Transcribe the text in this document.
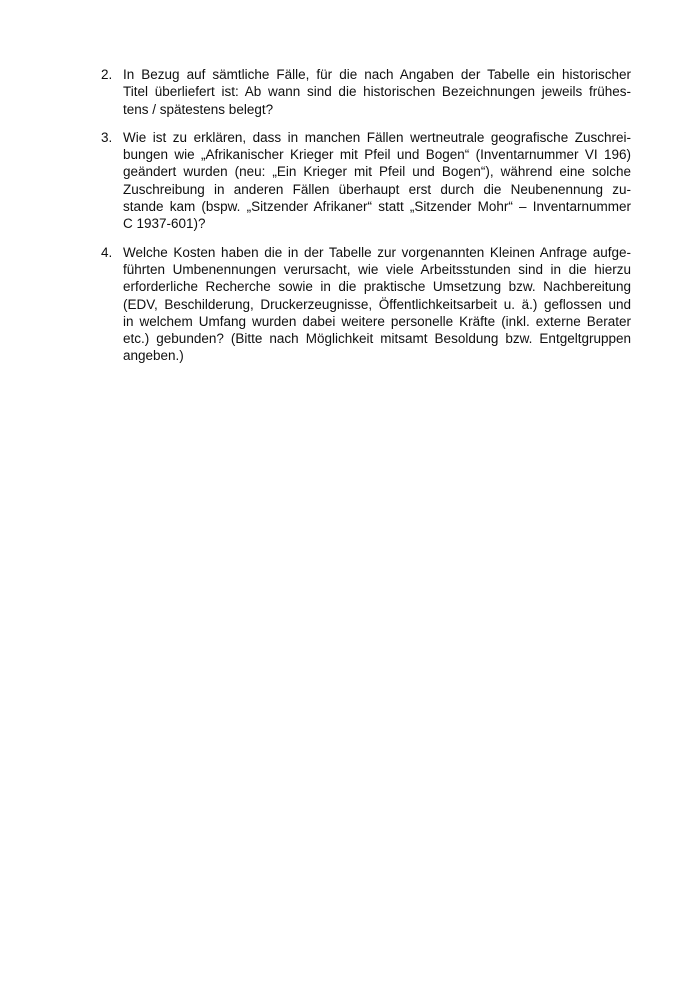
2. In Bezug auf sämtliche Fälle, für die nach Angaben der Tabelle ein historischer
Titel überliefert ist: Ab wann sind die historischen Bezeichnungen jeweils frühes-
tens / spätestens belegt?
3. Wie ist zu erklären, dass in manchen Fällen wertneutrale geografische Zuschrei-
bungen wie „Afrikanischer Krieger mit Pfeil und Bogen“ (Inventarnummer VI 196)
geändert wurden (neu: „Ein Krieger mit Pfeil und Bogen“), während eine solche
Zuschreibung in anderen Fällen überhaupt erst durch die Neubenennung zu-
stande kam (bspw. „Sitzender Afrikaner“ statt „Sitzender Mohr“ – Inventarnummer
C 1937-601)?
4. Welche Kosten haben die in der Tabelle zur vorgenannten Kleinen Anfrage aufge-
führten Umbenennungen verursacht, wie viele Arbeitsstunden sind in die hierzu
erforderliche Recherche sowie in die praktische Umsetzung bzw. Nachbereitung
(EDV, Beschilderung, Druckerzeugnisse, Öffentlichkeitsarbeit u. ä.) geflossen und
in welchem Umfang wurden dabei weitere personelle Kräfte (inkl. externe Berater
etc.) gebunden? (Bitte nach Möglichkeit mitsamt Besoldung bzw. Entgeltgruppen
angeben.)
